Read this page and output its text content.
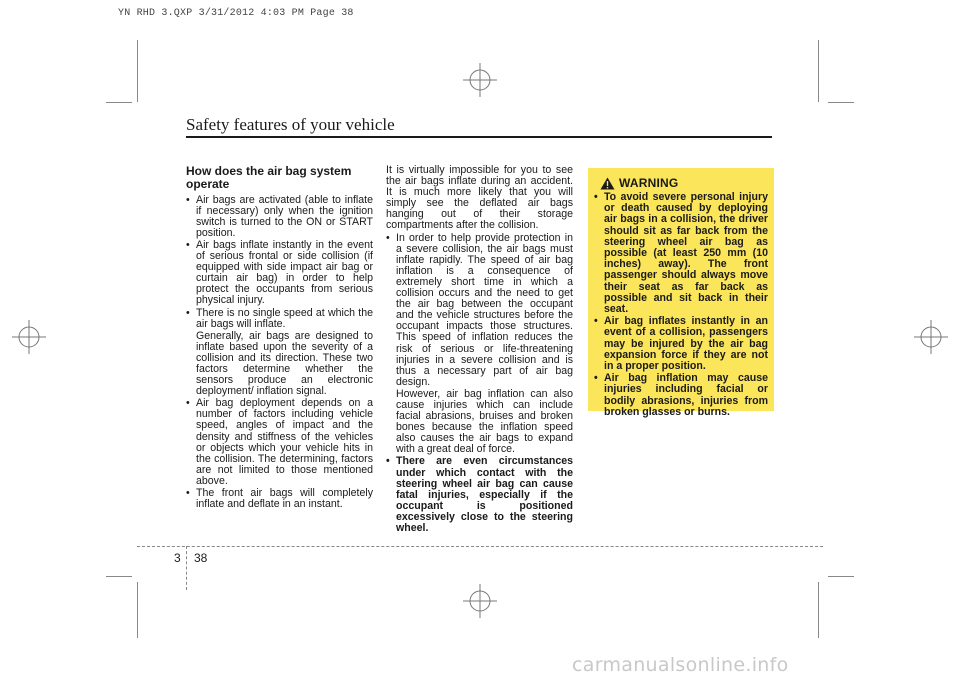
YN RHD 3.QXP 3/31/2012 4:03 PM Page 38
Safety features of your vehicle
How does the air bag system operate
• Air bags are activated (able to inflate if necessary) only when the ignition switch is turned to the ON or START position.
• Air bags inflate instantly in the event of serious frontal or side collision (if equipped with side impact air bag or curtain air bag) in order to help protect the occupants from serious physical injury.
• There is no single speed at which the air bags will inflate.
Generally, air bags are designed to inflate based upon the severity of a collision and its direction. These two factors determine whether the sensors produce an electronic deployment/ inflation signal.
• Air bag deployment depends on a number of factors including vehicle speed, angles of impact and the density and stiffness of the vehicles or objects which your vehicle hits in the collision. The determining, factors are not limited to those mentioned above.
• The front air bags will completely inflate and deflate in an instant.
It is virtually impossible for you to see the air bags inflate during an accident. It is much more likely that you will simply see the deflated air bags hanging out of their storage compartments after the collision.
• In order to help provide protection in a severe collision, the air bags must inflate rapidly. The speed of air bag inflation is a consequence of extremely short time in which a collision occurs and the need to get the air bag between the occupant and the vehicle structures before the occupant impacts those structures. This speed of inflation reduces the risk of serious or life-threatening injuries in a severe collision and is thus a necessary part of air bag design.
However, air bag inflation can also cause injuries which can include facial abrasions, bruises and broken bones because the inflation speed also causes the air bags to expand with a great deal of force.
• There are even circumstances under which contact with the steering wheel air bag can cause fatal injuries, especially if the occupant is positioned excessively close to the steering wheel.
WARNING
• To avoid severe personal injury or death caused by deploying air bags in a collision, the driver should sit as far back from the steering wheel air bag as possible (at least 250 mm (10 inches) away). The front passenger should always move their seat as far back as possible and sit back in their seat.
• Air bag inflates instantly in an event of a collision, passengers may be injured by the air bag expansion force if they are not in a proper position.
• Air bag inflation may cause injuries including facial or bodily abrasions, injuries from broken glasses or burns.
3 38
carmanualsonline.info
